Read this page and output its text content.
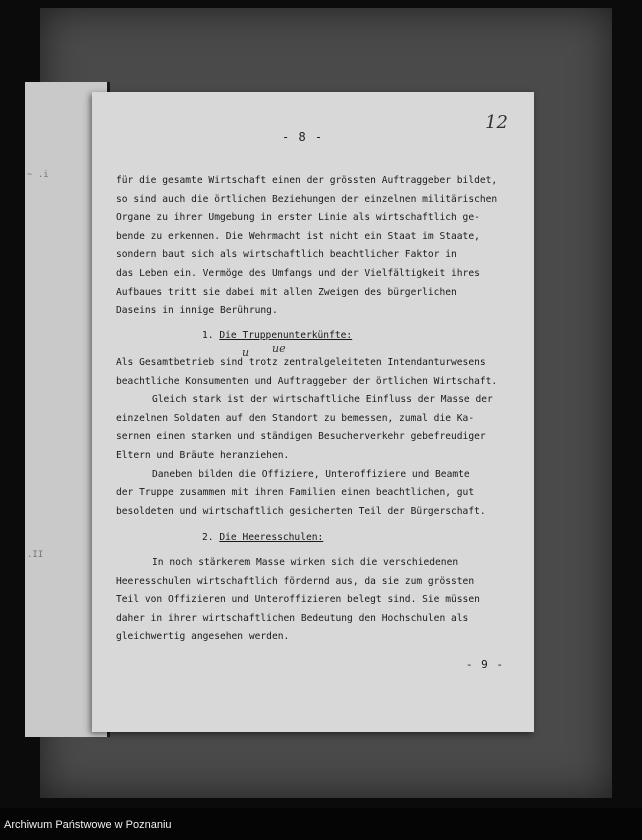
~ .i
.II
12
- 8 -
für die gesamte Wirtschaft einen der grössten Auftraggeber bildet,
so sind auch die örtlichen Beziehungen der einzelnen militärischen
Organe zu ihrer Umgebung in erster Linie als wirtschaftlich ge-
bende zu erkennen. Die Wehrmacht ist nicht ein Staat im Staate,
sondern baut sich als wirtschaftlich beachtlicher Faktor in
das Leben ein. Vermöge des Umfangs und der Vielfältigkeit ihres
Aufbaues tritt sie dabei mit allen Zweigen des bürgerlichen
Daseins in innige Berührung.
1. Die Truppenunterkünfte:
u ue
Als Gesamtbetrieb sind trotz zentralgeleiteten Intendanturwesens
beachtliche Konsumenten und Auftraggeber der örtlichen Wirtschaft.
Gleich stark ist der wirtschaftliche Einfluss der Masse der
einzelnen Soldaten auf den Standort zu bemessen, zumal die Ka-
sernen einen starken und ständigen Besucherverkehr gebefreudiger
Eltern und Bräute heranziehen.
Daneben bilden die Offiziere, Unteroffiziere und Beamte
der Truppe zusammen mit ihren Familien einen beachtlichen, gut
besoldeten und wirtschaftlich gesicherten Teil der Bürgerschaft.
2. Die Heeresschulen:
In noch stärkerem Masse wirken sich die verschiedenen
Heeresschulen wirtschaftlich fördernd aus, da sie zum grössten
Teil von Offizieren und Unteroffizieren belegt sind. Sie müssen
daher in ihrer wirtschaftlichen Bedeutung den Hochschulen als
gleichwertig angesehen werden.
- 9 -
Archiwum Państwowe w Poznaniu
